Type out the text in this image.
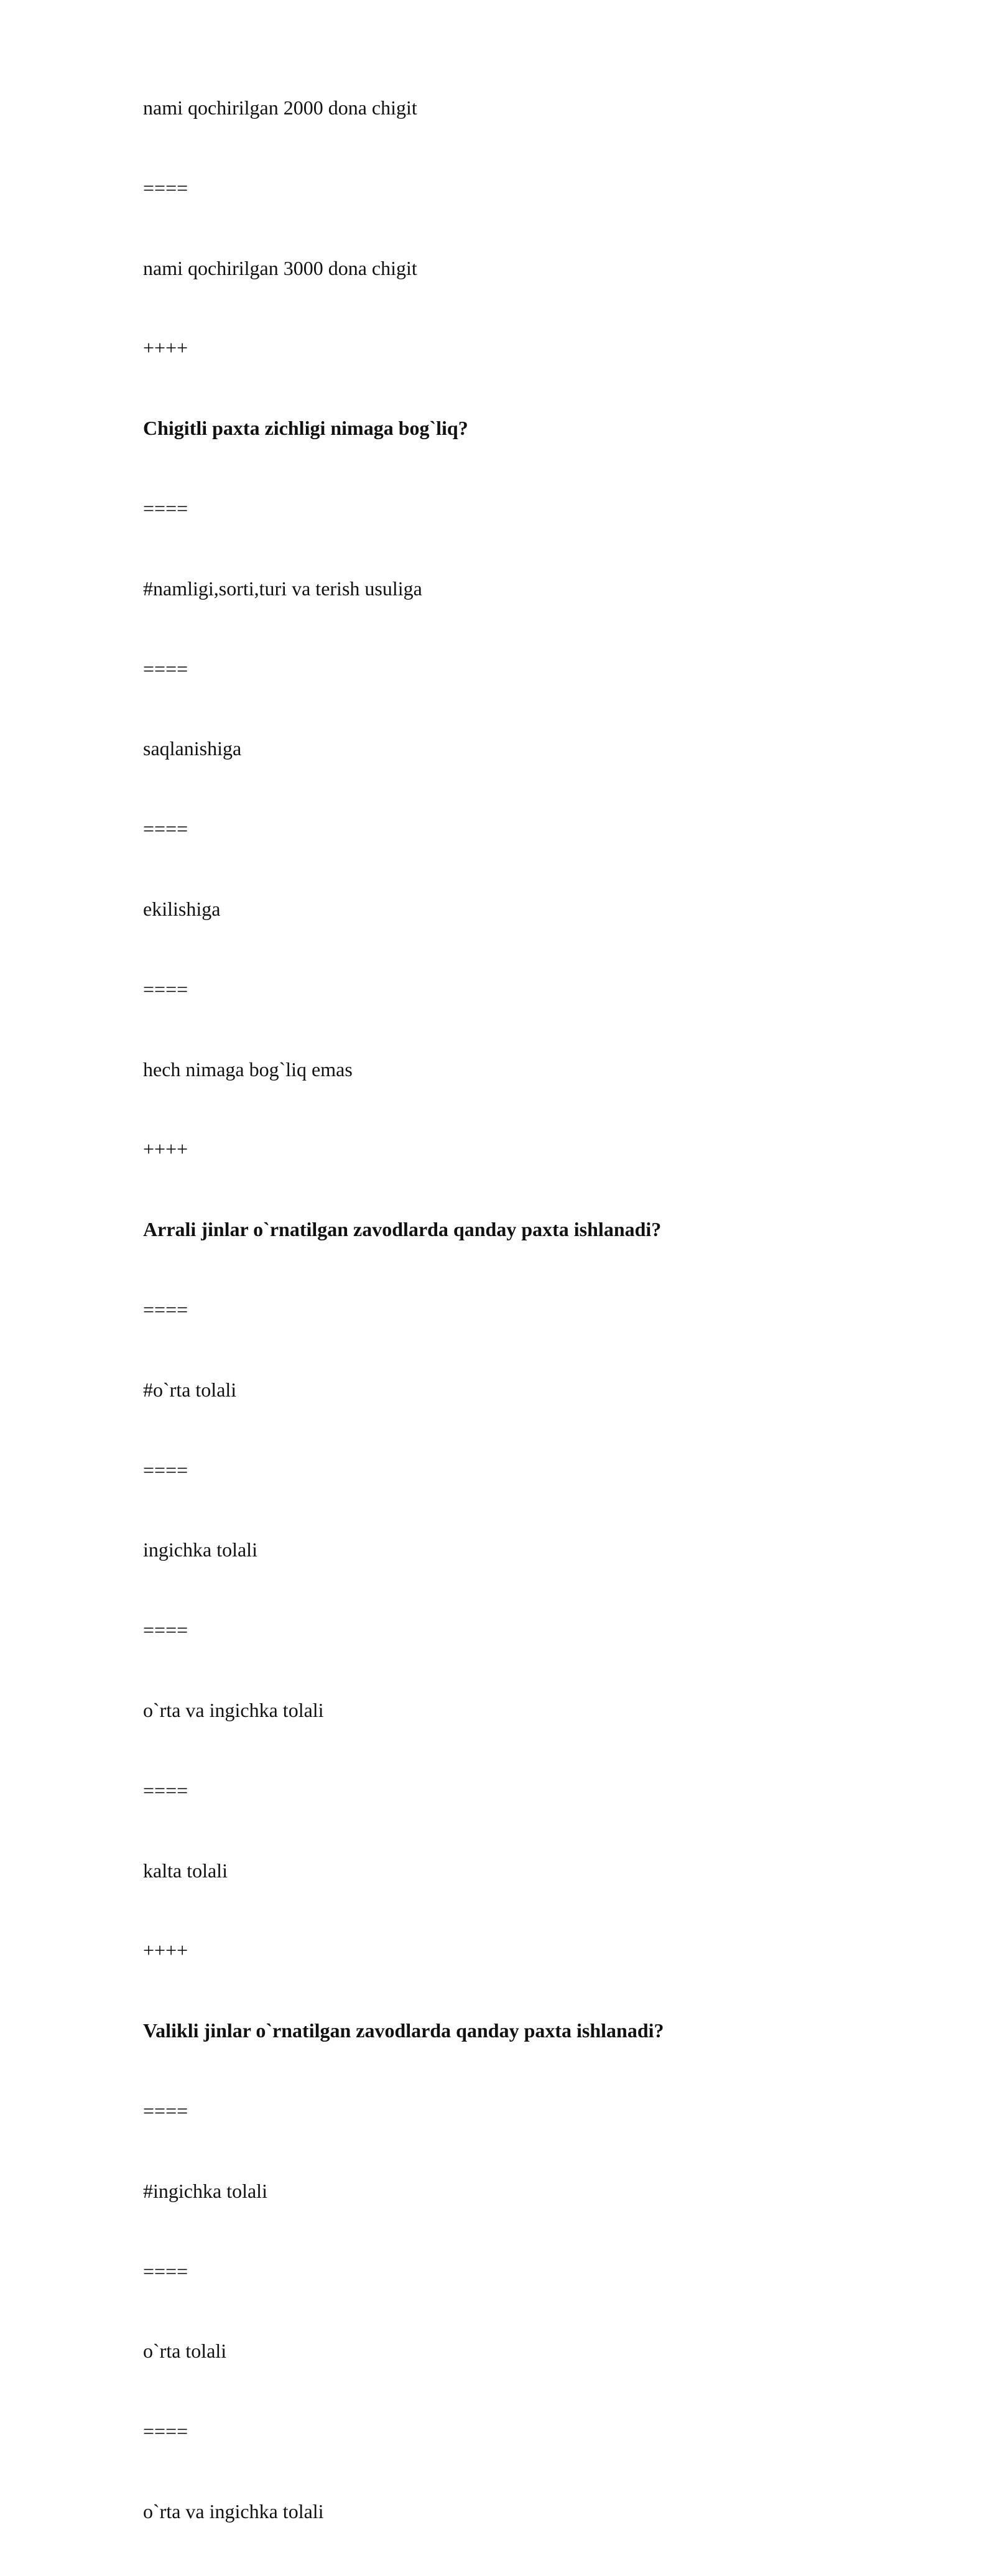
nami qochirilgan 2000 dona chigit
====
nami qochirilgan 3000 dona chigit
++++
Chigitli paxta zichligi nimaga bog`liq?
====
#namligi,sorti,turi va terish usuliga
====
saqlanishiga
====
ekilishiga
====
hech nimaga bog`liq emas
++++
Arrali jinlar o`rnatilgan zavodlarda qanday paxta ishlanadi?
====
#o`rta tolali
====
ingichka tolali
====
o`rta va ingichka tolali
====
kalta tolali
++++
Valikli jinlar o`rnatilgan zavodlarda qanday paxta ishlanadi?
====
#ingichka tolali
====
o`rta tolali
====
o`rta va ingichka tolali
